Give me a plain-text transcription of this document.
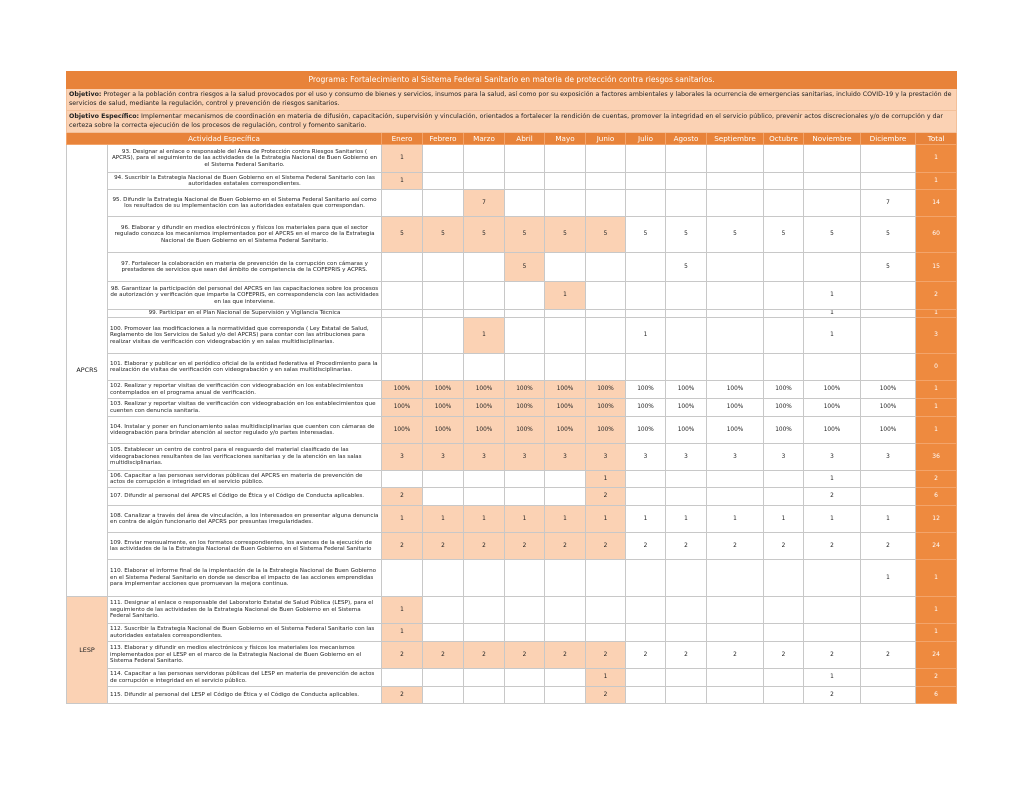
Programa: Fortalecimiento al Sistema Federal Sanitario en materia de protección contra riesgos sanitarios.														
Objetivo: Proteger a la población contra riesgos a la salud provocados por el uso y consumo de bienes y servicios, insumos para la salud, así como por su exposición a factores ambientales y laborales la ocurrencia de emergencias sanitarias, incluido COVID-19 y la prestación de servicios de salud, mediante la regulación, control y prevención de riesgos sanitarios.														
Objetivo Específico: Implementar mecanismos de coordinación en materia de difusión, capacitación, supervisión y vinculación, orientados a fortalecer la rendición de cuentas, promover la integridad en el servicio público, prevenir actos discrecionales y/o de corrupción y dar certeza sobre la correcta ejecución de los procesos de regulación, control y fomento sanitario.														
Actividad Específica		Enero	Febrero	Marzo	Abril	Mayo	Junio	Julio	Agosto	Septiembre	Octubre	Noviembre	Diciembre	Total
APCRS	93. Designar al enlace o responsable del Área de Protección contra Riesgos Sanitarios ( APCRS), para el seguimiento de las actividades de la Estrategia Nacional de Buen Gobierno en el Sistema Federal Sanitario.	1												1
	94. Suscribir la Estrategia Nacional de Buen Gobierno en el Sistema Federal Sanitario con las autoridades estatales correspondientes.	1												1
	95. Difundir la Estrategia Nacional de Buen Gobierno en el Sistema Federal Sanitario así como los resultados de su implementación con las autoridades estatales que correspondan.			7									7	14
	96. Elaborar y difundir en medios electrónicos y físicos los materiales para que el sector regulado conozca los mecanismos implementados por el APCRS en el marco de la Estrategia Nacional de Buen Gobierno en el Sistema Federal Sanitario.	5	5	5	5	5	5	5	5	5	5	5	5	60
	97. Fortalecer la colaboración en materia de prevención de la corrupción con cámaras y prestadores de servicios que sean del ámbito de competencia de la COFEPRIS y ACPRS.				5				5				5	15
	98. Garantizar la participación del personal del APCRS en las capacitaciones sobre los procesos de autorización y verificación que imparte la COFEPRIS, en correspondencia con las actividades en las que interviene.					1						1		2
	99. Participar en el Plan Nacional de Supervisión y Vigilancia Técnica											1		1
	100. Promover las modificaciones a la normatividad que corresponda ( Ley Estatal de Salud, Reglamento de los Servicios de Salud y/o del APCRS) para contar con las atribuciones para realizar visitas de verificación con videograbación y en salas multidisciplinarias.			1				1				1		3
	101. Elaborar y publicar en el periódico oficial de la entidad federativa el Procedimiento para la realización de visitas de verificación con videograbación y en salas multidisciplinarias.													0
	102. Realizar y reportar visitas de verificación con videograbación en los establecimientos contemplados en el programa anual de verificación.	100%	100%	100%	100%	100%	100%	100%	100%	100%	100%	100%	100%	1
	103. Realizar y reportar visitas de verificación con videograbación en los establecimientos que cuenten con denuncia sanitaria.	100%	100%	100%	100%	100%	100%	100%	100%	100%	100%	100%	100%	1
	104. Instalar y poner en funcionamiento salas multidisciplinarias que cuenten con cámaras de videograbación para brindar atención al sector regulado y/o partes interesadas.	100%	100%	100%	100%	100%	100%	100%	100%	100%	100%	100%	100%	1
	105. Establecer un centro de control para el resguardo del material clasificado de las videograbaciones resultantes de las verificaciones sanitarias y de la atención en las salas multidisciplinarias.	3	3	3	3	3	3	3	3	3	3	3	3	36
	106. Capacitar a las personas servidoras públicas del APCRS en materia de prevención de actos de corrupción e integridad en el servicio público.						1					1		2
	107. Difundir al personal del APCRS el Código de Ética y el Código de Conducta aplicables.	2					2					2		6
	108. Canalizar a través del área de vinculación, a los interesados en presentar alguna denuncia en contra de algún funcionario del APCRS por presuntas irregularidades.	1	1	1	1	1	1	1	1	1	1	1	1	12
	109. Enviar mensualmente, en los formatos correspondientes, los avances de la ejecución de las actividades de la la Estrategia Nacional de Buen Gobierno en el Sistema Federal Sanitario	2	2	2	2	2	2	2	2	2	2	2	2	24
	110. Elaborar el informe final de la implentación de la la Estrategia Nacional de Buen Gobierno en el Sistema Federal Sanitario en donde se describa el impacto de las acciones emprendidas para implementar acciones que promuevan la mejora continua.												1	1
LESP	111. Designar al enlace o responsable del Laboratorio Estatal de Salud Pública (LESP), para el seguimiento de las actividades de la Estrategia Nacional de Buen Gobierno en el Sistema Federal Sanitario.	1												1
	112. Suscribir la Estrategia Nacional de Buen Gobierno en el Sistema Federal Sanitario con las autoridades estatales correspondientes.	1												1
	113. Elaborar y difundir en medios electrónicos y físicos los materiales los mecanismos implementados por el LESP en el marco de la Estrategia Nacional de Buen Gobierno en el Sistema Federal Sanitario.	2	2	2	2	2	2	2	2	2	2	2	2	24
	114. Capacitar a las personas servidoras públicas del LESP en materia de prevención de actos de corrupción e integridad en el servicio público.						1					1		2
	115. Difundir al personal del LESP el Código de Ética y el Código de Conducta aplicables.	2					2					2		6
